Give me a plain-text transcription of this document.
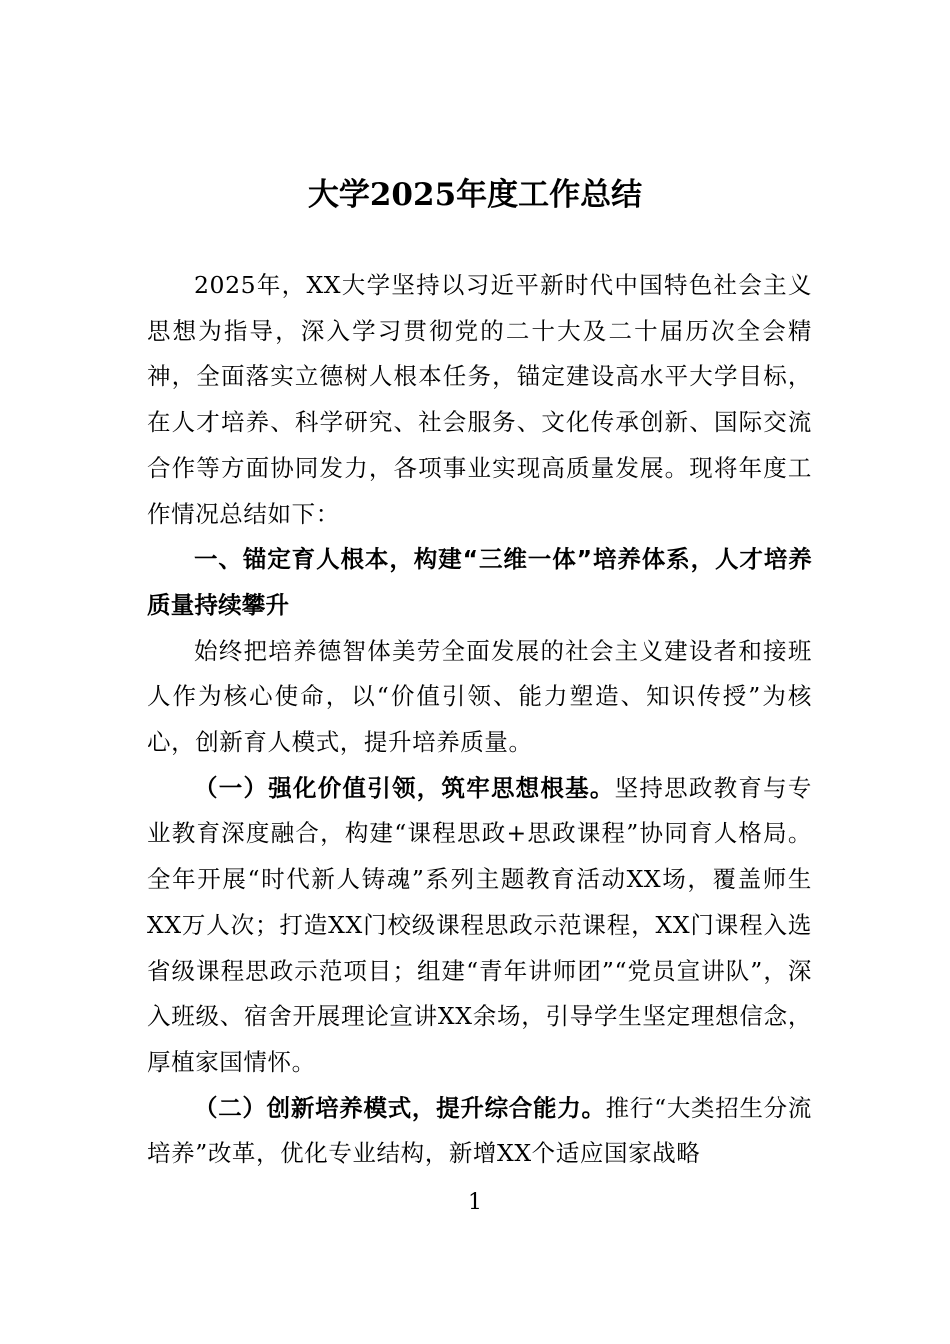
大学2025年度工作总结

2025年，XX大学坚持以习近平新时代中国特色社会主义思想为指导，深入学习贯彻党的二十大及二十届历次全会精神，全面落实立德树人根本任务，锚定建设高水平大学目标，在人才培养、科学研究、社会服务、文化传承创新、国际交流合作等方面协同发力，各项事业实现高质量发展。现将年度工作情况总结如下：

一、锚定育人根本，构建“三维一体”培养体系，人才培养质量持续攀升

始终把培养德智体美劳全面发展的社会主义建设者和接班人作为核心使命，以“价值引领、能力塑造、知识传授”为核心，创新育人模式，提升培养质量。

（一）强化价值引领，筑牢思想根基。坚持思政教育与专业教育深度融合，构建“课程思政+思政课程”协同育人格局。全年开展“时代新人铸魂”系列主题教育活动XX场，覆盖师生XX万人次；打造XX门校级课程思政示范课程，XX门课程入选省级课程思政示范项目；组建“青年讲师团”“党员宣讲队”，深入班级、宿舍开展理论宣讲XX余场，引导学生坚定理想信念，厚植家国情怀。

（二）创新培养模式，提升综合能力。推行“大类招生分流培养”改革，优化专业结构，新增XX个适应国家战略

1
